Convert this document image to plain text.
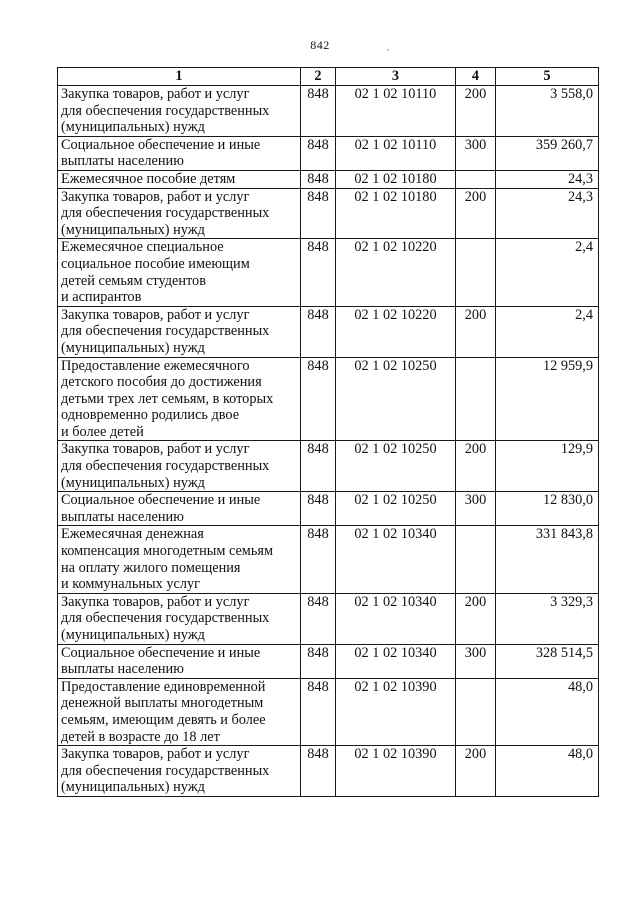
842	,
1	2	3	4	5
Закупка товаров, работ и услуг
для обеспечения государственных
(муниципальных) нужд	848	02 1 02 10110	200	3 558,0
Социальное обеспечение и иные
выплаты населению	848	02 1 02 10110	300	359 260,7
Ежемесячное пособие детям	848	02 1 02 10180		24,3
Закупка товаров, работ и услуг
для обеспечения государственных
(муниципальных) нужд	848	02 1 02 10180	200	24,3
Ежемесячное специальное
социальное пособие имеющим
детей семьям студентов
и аспирантов	848	02 1 02 10220		2,4
Закупка товаров, работ и услуг
для обеспечения государственных
(муниципальных) нужд	848	02 1 02 10220	200	2,4
Предоставление ежемесячного
детского пособия до достижения
детьми трех лет семьям, в которых
одновременно родились двое
и более детей	848	02 1 02 10250		12 959,9
Закупка товаров, работ и услуг
для обеспечения государственных
(муниципальных) нужд	848	02 1 02 10250	200	129,9
Социальное обеспечение и иные
выплаты населению	848	02 1 02 10250	300	12 830,0
Ежемесячная денежная
компенсация многодетным семьям
на оплату жилого помещения
и коммунальных услуг	848	02 1 02 10340		331 843,8
Закупка товаров, работ и услуг
для обеспечения государственных
(муниципальных) нужд	848	02 1 02 10340	200	3 329,3
Социальное обеспечение и иные
выплаты населению	848	02 1 02 10340	300	328 514,5
Предоставление единовременной
денежной выплаты многодетным
семьям, имеющим девять и более
детей в возрасте до 18 лет	848	02 1 02 10390		48,0
Закупка товаров, работ и услуг
для обеспечения государственных
(муниципальных) нужд	848	02 1 02 10390	200	48,0
